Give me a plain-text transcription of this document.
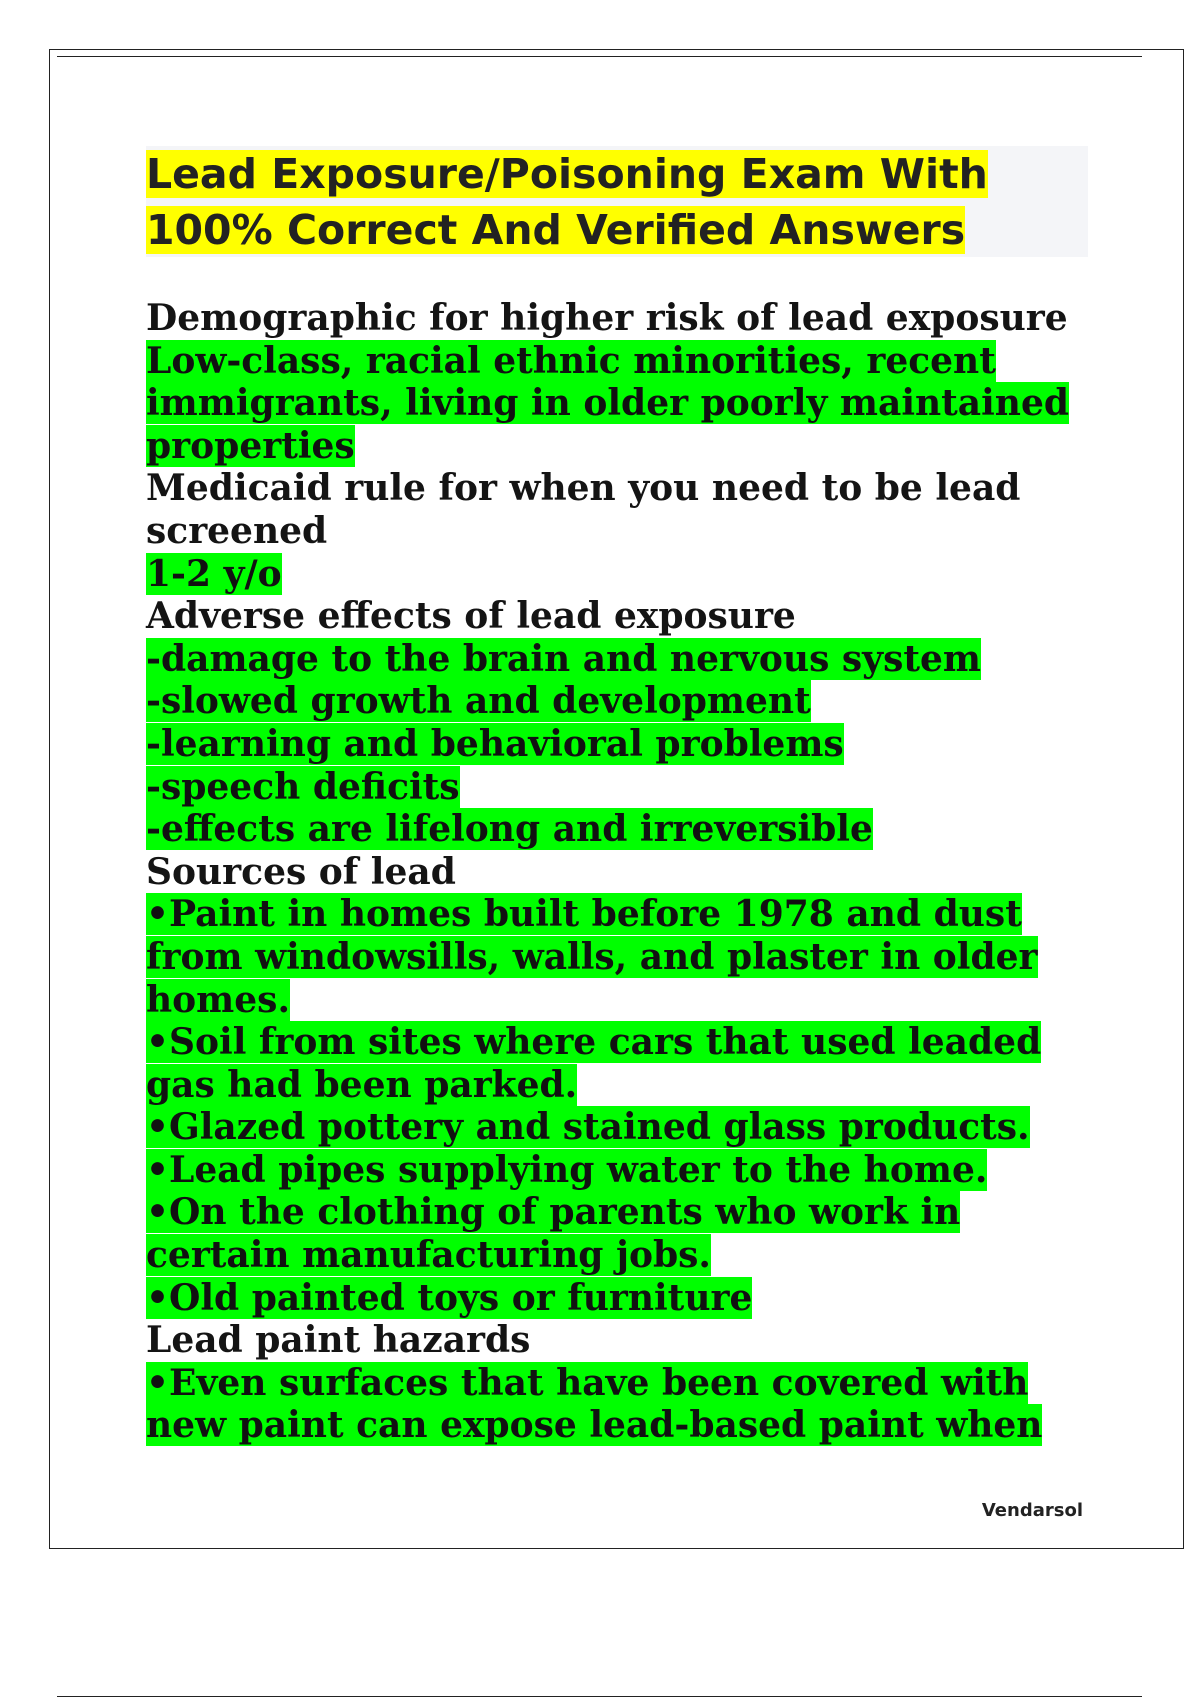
Lead Exposure/Poisoning Exam With
100% Correct And Verified Answers
Demographic for higher risk of lead exposure
Low-class, racial ethnic minorities, recent immigrants, living in older poorly maintained properties
Medicaid rule for when you need to be lead screened
1-2 y/o
Adverse effects of lead exposure
-damage to the brain and nervous system
-slowed growth and development
-learning and behavioral problems
-speech deficits
-effects are lifelong and irreversible
Sources of lead
•Paint in homes built before 1978 and dust from windowsills, walls, and plaster in older homes.
•Soil from sites where cars that used leaded gas had been parked.
•Glazed pottery and stained glass products.
•Lead pipes supplying water to the home.
•On the clothing of parents who work in certain manufacturing jobs.
•Old painted toys or furniture
Lead paint hazards
•Even surfaces that have been covered with new paint can expose lead-based paint when
Vendarsol
